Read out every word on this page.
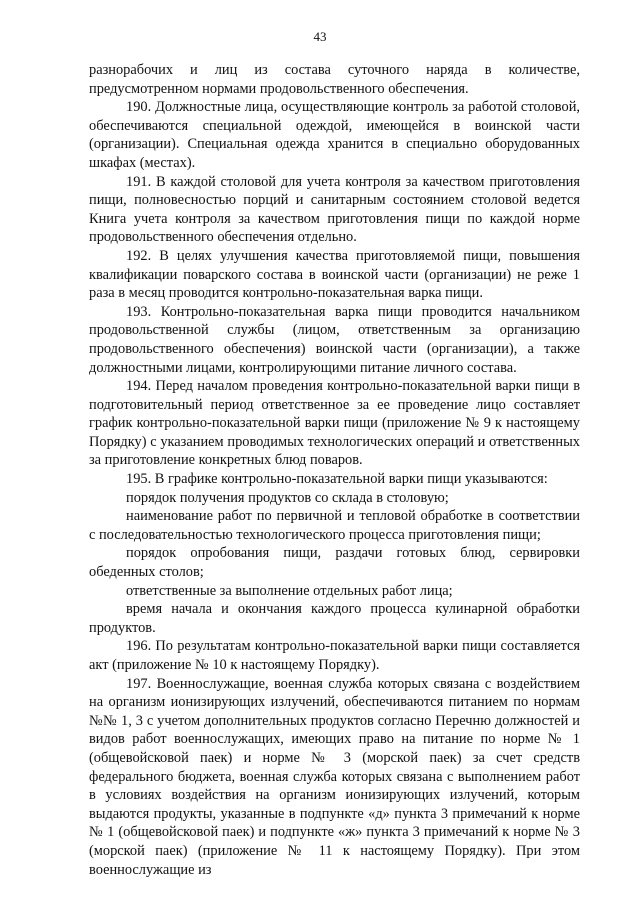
43

разнорабочих и лиц из состава суточного наряда в количестве, предусмотренном нормами продовольственного обеспечения.

190. Должностные лица, осуществляющие контроль за работой столовой, обеспечиваются специальной одеждой, имеющейся в воинской части (организации). Специальная одежда хранится в специально оборудованных шкафах (местах).

191. В каждой столовой для учета контроля за качеством приготовления пищи, полновесностью порций и санитарным состоянием столовой ведется Книга учета контроля за качеством приготовления пищи по каждой норме продовольственного обеспечения отдельно.

192. В целях улучшения качества приготовляемой пищи, повышения квалификации поварского состава в воинской части (организации) не реже 1 раза в месяц проводится контрольно-показательная варка пищи.

193. Контрольно-показательная варка пищи проводится начальником продовольственной службы (лицом, ответственным за организацию продовольственного обеспечения) воинской части (организации), а также должностными лицами, контролирующими питание личного состава.

194. Перед началом проведения контрольно-показательной варки пищи в подготовительный период ответственное за ее проведение лицо составляет график контрольно-показательной варки пищи (приложение № 9 к настоящему Порядку) с указанием проводимых технологических операций и ответственных за приготовление конкретных блюд поваров.

195. В графике контрольно-показательной варки пищи указываются:

порядок получения продуктов со склада в столовую;

наименование работ по первичной и тепловой обработке в соответствии с последовательностью технологического процесса приготовления пищи;

порядок опробования пищи, раздачи готовых блюд, сервировки обеденных столов;

ответственные за выполнение отдельных работ лица;

время начала и окончания каждого процесса кулинарной обработки продуктов.

196. По результатам контрольно-показательной варки пищи составляется акт (приложение № 10 к настоящему Порядку).

197. Военнослужащие, военная служба которых связана с воздействием на организм ионизирующих излучений, обеспечиваются питанием по нормам №№ 1, 3 с учетом дополнительных продуктов согласно Перечню должностей и видов работ военнослужащих, имеющих право на питание по норме № 1 (общевойсковой паек) и норме № 3 (морской паек) за счет средств федерального бюджета, военная служба которых связана с выполнением работ в условиях воздействия на организм ионизирующих излучений, которым выдаются продукты, указанные в подпункте «д» пункта 3 примечаний к норме № 1 (общевойсковой паек) и подпункте «ж» пункта 3 примечаний к норме № 3 (морской паек) (приложение № 11 к настоящему Порядку). При этом военнослужащие из
